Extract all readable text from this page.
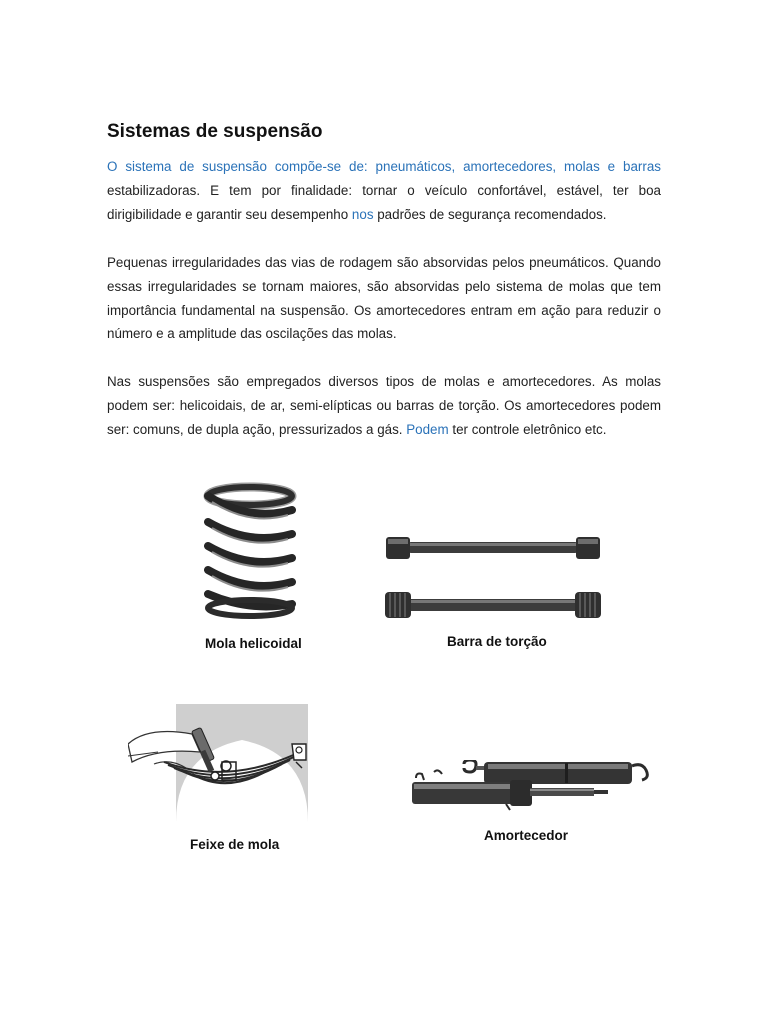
Sistemas de suspensão

O sistema de suspensão compõe-se de: pneumáticos, amortecedores, molas e barras estabilizadoras. E tem por finalidade: tornar o veículo confortável, estável, ter boa dirigibilidade e garantir seu desempenho nos padrões de segurança recomendados.

Pequenas irregularidades das vias de rodagem são absorvidas pelos pneumáticos. Quando essas irregularidades se tornam maiores, são absorvidas pelo sistema de molas que tem importância fundamental na suspensão. Os amortecedores entram em ação para reduzir o número e a amplitude das oscilações das molas.

Nas suspensões são empregados diversos tipos de molas e amortecedores. As molas podem ser: helicoidais, de ar, semi-elípticas ou barras de torção. Os amortecedores podem ser: comuns, de dupla ação, pressurizados a gás. Podem ter controle eletrônico etc.

Mola helicoidal	Barra de torção
Feixe de mola
Amortecedor
